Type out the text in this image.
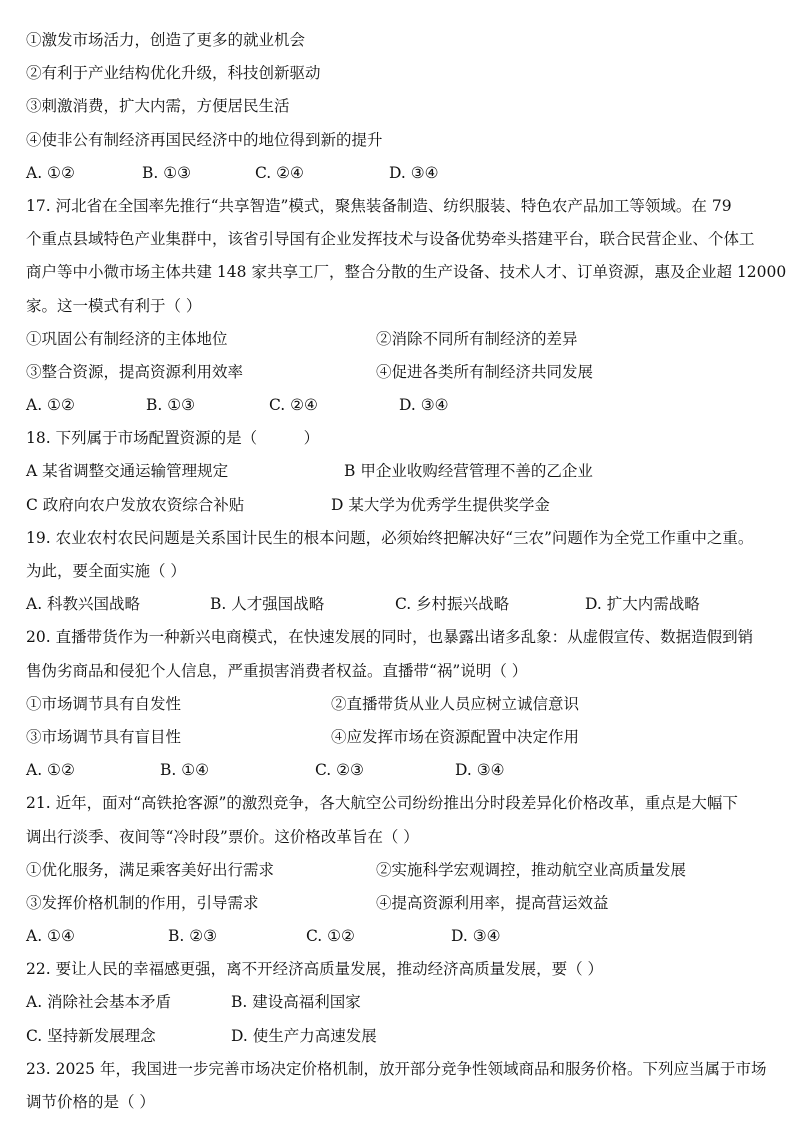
①激发市场活力，创造了更多的就业机会
②有利于产业结构优化升级，科技创新驱动
③刺激消费，扩大内需，方便居民生活
④使非公有制经济再国民经济中的地位得到新的提升
A. ①②	B. ①③	C. ②④	D. ③④
17. 河北省在全国率先推行“共享智造”模式，聚焦装备制造、纺织服装、特色农产品加工等领域。在 79
个重点县域特色产业集群中，该省引导国有企业发挥技术与设备优势牵头搭建平台，联合民营企业、个体工
商户等中小微市场主体共建 148 家共享工厂，整合分散的生产设备、技术人才、订单资源，惠及企业超 12000
家。这一模式有利于（ ）
①巩固公有制经济的主体地位	②消除不同所有制经济的差异
③整合资源，提高资源利用效率	④促进各类所有制经济共同发展
A. ①②	B. ①③	C. ②④	D. ③④
18. 下列属于市场配置资源的是（　　　）
A 某省调整交通运输管理规定	B 甲企业收购经营管理不善的乙企业
C 政府向农户发放农资综合补贴	D 某大学为优秀学生提供奖学金
19. 农业农村农民问题是关系国计民生的根本问题，必须始终把解决好“三农”问题作为全党工作重中之重。
为此，要全面实施（ ）
A. 科教兴国战略	B. 人才强国战略	C. 乡村振兴战略	D. 扩大内需战略
20. 直播带货作为一种新兴电商模式，在快速发展的同时，也暴露出诸多乱象：从虚假宣传、数据造假到销
售伪劣商品和侵犯个人信息，严重损害消费者权益。直播带“祸”说明（ ）
①市场调节具有自发性	②直播带货从业人员应树立诚信意识
③市场调节具有盲目性	④应发挥市场在资源配置中决定作用
A. ①②	B. ①④	C. ②③	D. ③④
21. 近年，面对“高铁抢客源”的激烈竞争，各大航空公司纷纷推出分时段差异化价格改革，重点是大幅下
调出行淡季、夜间等“冷时段”票价。这价格改革旨在（ ）
①优化服务，满足乘客美好出行需求	②实施科学宏观调控，推动航空业高质量发展
③发挥价格机制的作用，引导需求	④提高资源利用率，提高营运效益
A. ①④	B. ②③	C. ①②	D. ③④
22. 要让人民的幸福感更强，离不开经济高质量发展，推动经济高质量发展，要（ ）
A. 消除社会基本矛盾	B. 建设高福利国家
C. 坚持新发展理念	D. 使生产力高速发展
23. 2025 年，我国进一步完善市场决定价格机制，放开部分竞争性领域商品和服务价格。下列应当属于市场
调节价格的是（ ）
